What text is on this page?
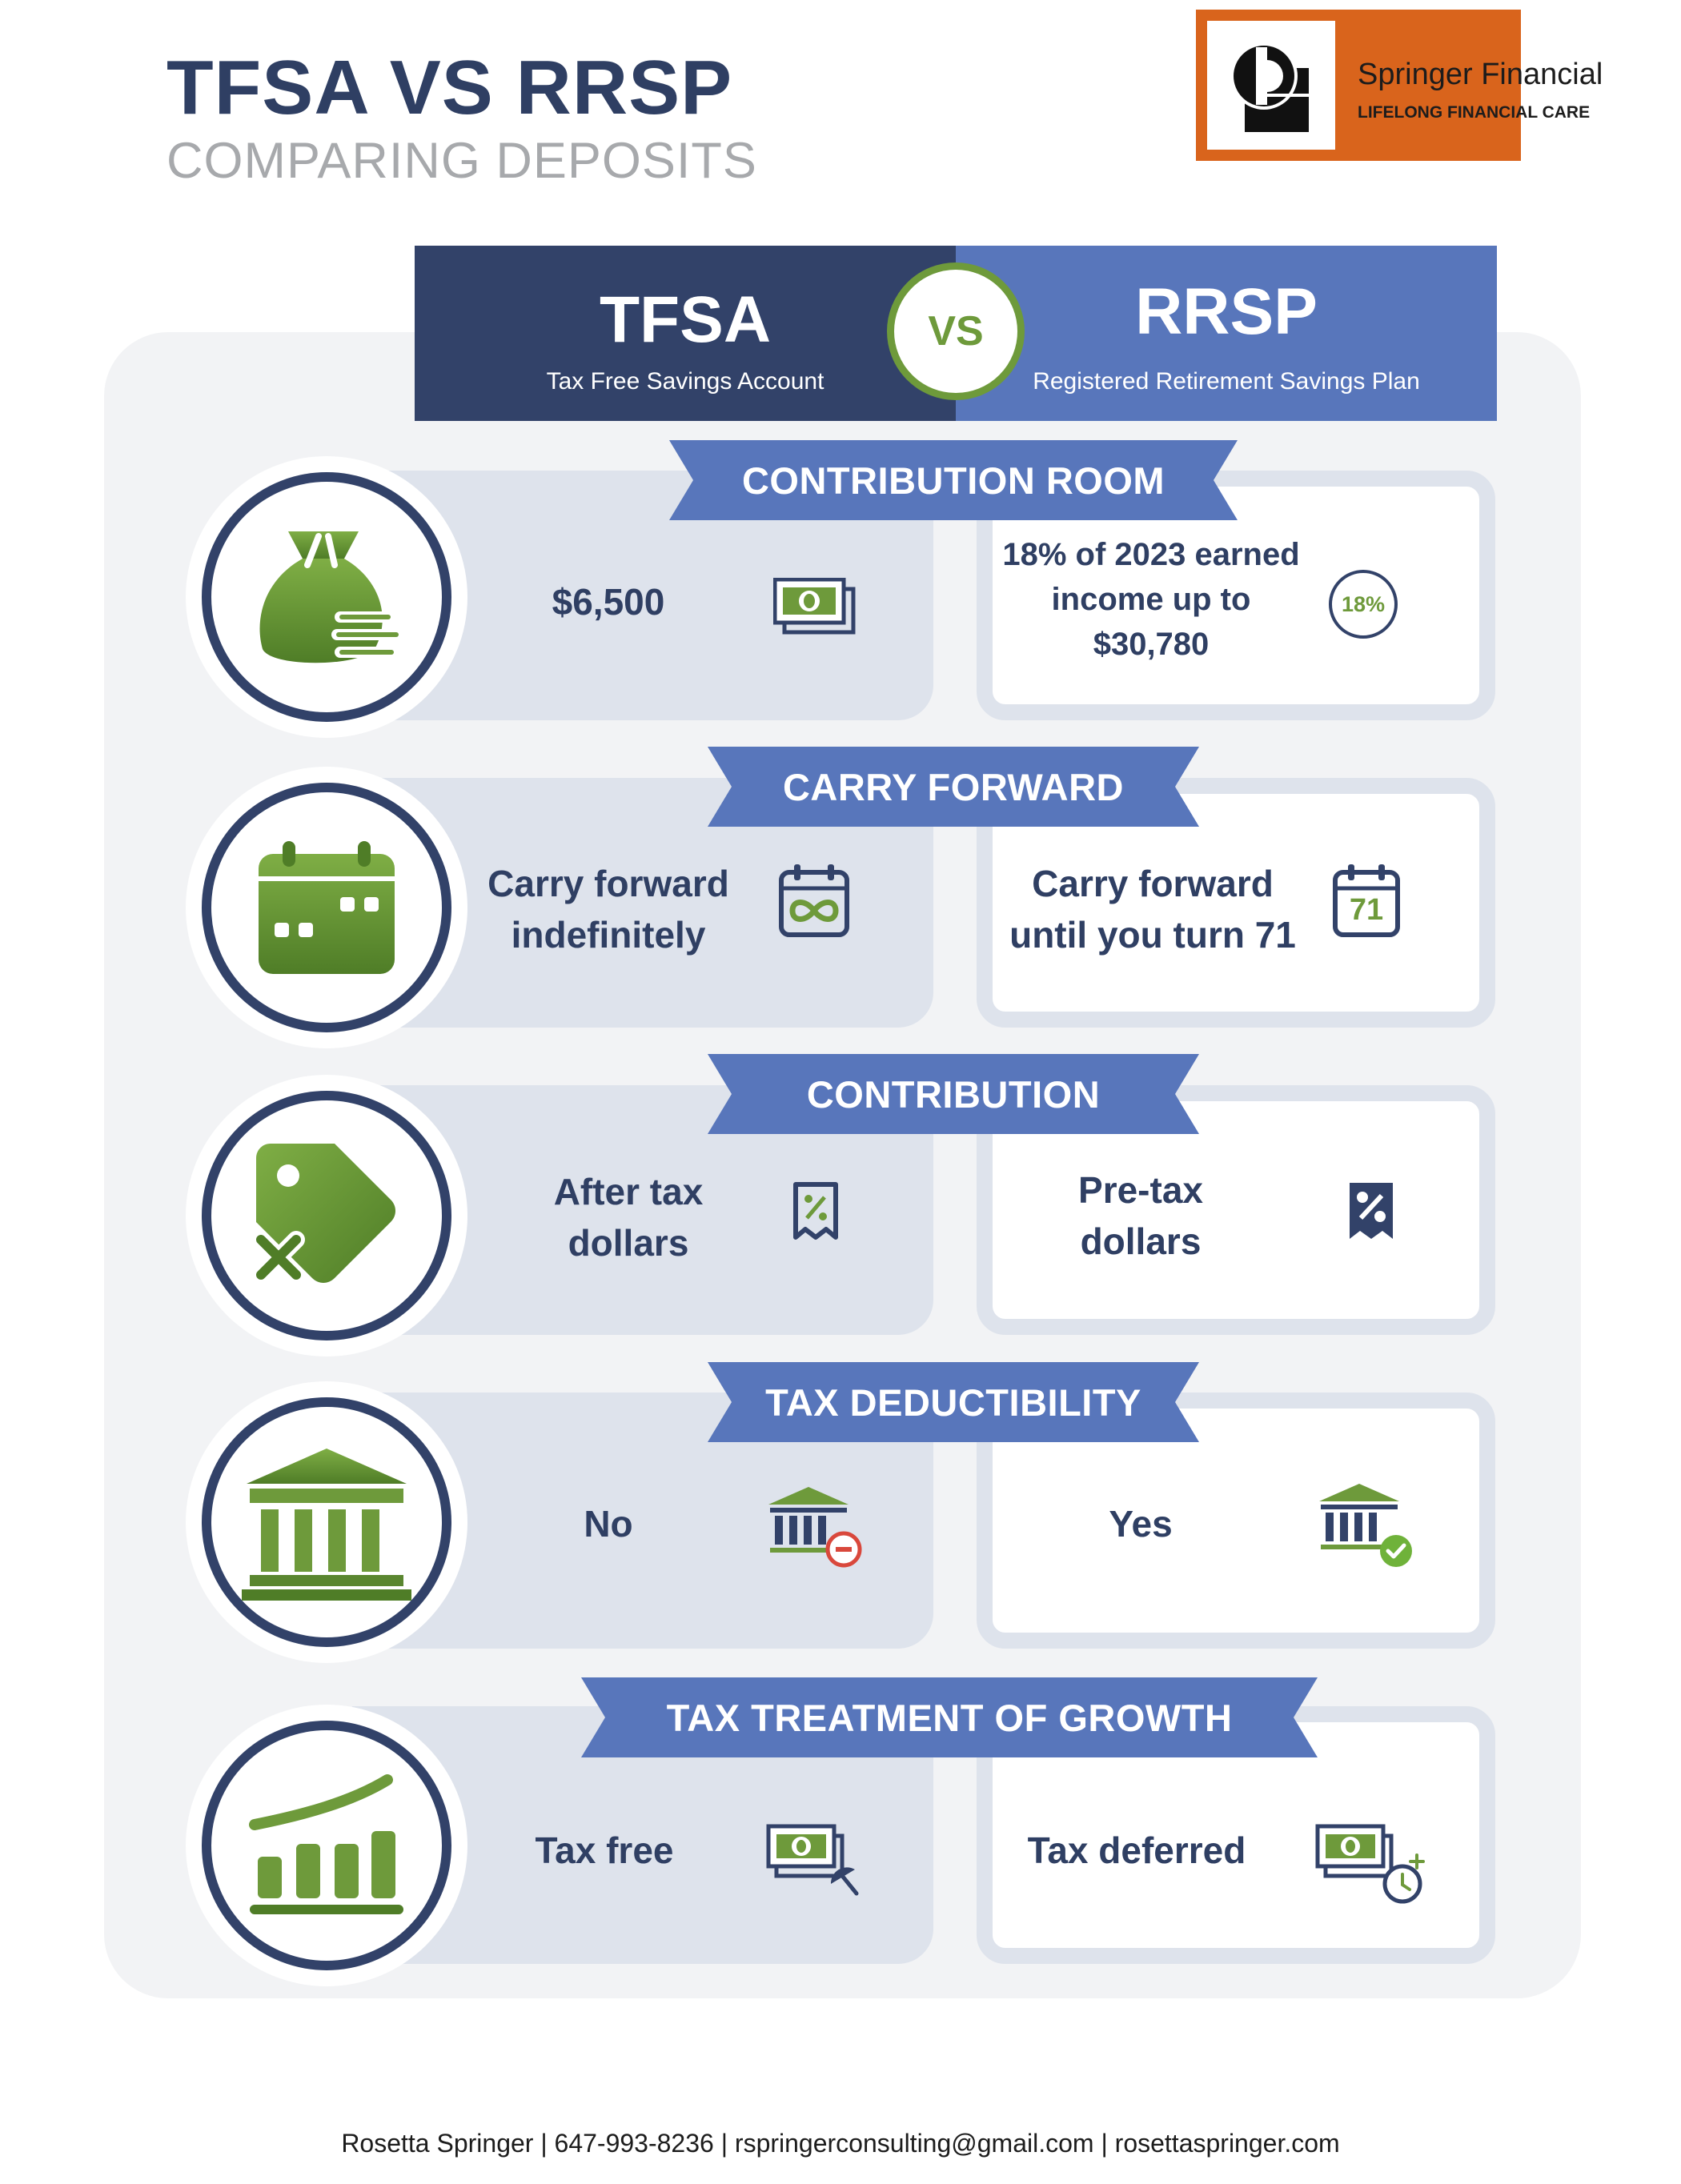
TFSA VS RRSP
COMPARING DEPOSITS
Springer Financial
LIFELONG FINANCIAL CARE
TFSA
Tax Free Savings Account
RRSP
Registered Retirement Savings Plan
VS
CONTRIBUTION ROOM
$6,500
18% of 2023 earned income up to $30,780
18%
CARRY FORWARD
Carry forward indefinitely
Carry forward until you turn 71
71
CONTRIBUTION
After tax dollars
Pre-tax dollars
TAX DEDUCTIBILITY
No	Yes
TAX TREATMENT OF GROWTH
Tax free	Tax deferred
Rosetta Springer | 647-993-8236 | rspringerconsulting@gmail.com | rosettaspringer.com
